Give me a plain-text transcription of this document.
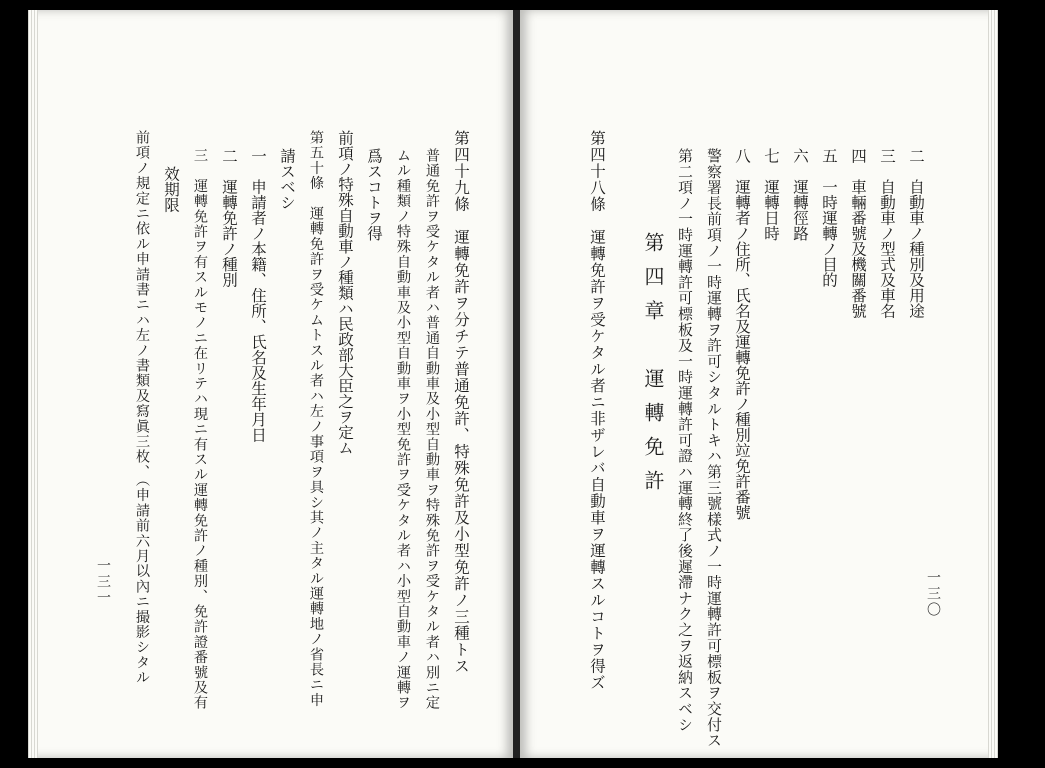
二　自動車ノ種別及用途
三　自動車ノ型式及車名
四　車輛番號及機關番號
五　一時運轉ノ目的
六　運轉徑路
七　運轉日時
八　運轉者ノ住所、氏名及運轉免許ノ種別竝免許番號
警察署長前項ノ一時運轉ヲ許可シタルトキハ第三號樣式ノ一時運轉許可標板ヲ交付ス
第二項ノ一時運轉許可標板及一時運轉許可證ハ運轉終了後遲滯ナク之ヲ返納スベシ
第四章　運轉免許
第四十八條　運轉免許ヲ受ケタル者ニ非ザレバ自動車ヲ運轉スルコトヲ得ズ	一三〇
第四十九條　運轉免許ヲ分チテ普通免許、特殊免許及小型免許ノ三種トス
普通免許ヲ受ケタル者ハ普通自動車及小型自動車ヲ特殊免許ヲ受ケタル者ハ別ニ定
ムル種類ノ特殊自動車及小型自動車ヲ小型免許ヲ受ケタル者ハ小型自動車ノ運轉ヲ
爲スコトヲ得
前項ノ特殊自動車ノ種類ハ民政部大臣之ヲ定ム
第五十條　運轉免許ヲ受ケムトスル者ハ左ノ事項ヲ具シ其ノ主タル運轉地ノ省長ニ申
請スベシ
一　申請者ノ本籍、住所、氏名及生年月日
二　運轉免許ノ種別
三　運轉免許ヲ有スルモノニ在リテハ現ニ有スル運轉免許ノ種別、免許證番號及有
效期限
前項ノ規定ニ依ル申請書ニハ左ノ書類及寫眞三枚、（申請前六月以內ニ撮影シタル
一三一
